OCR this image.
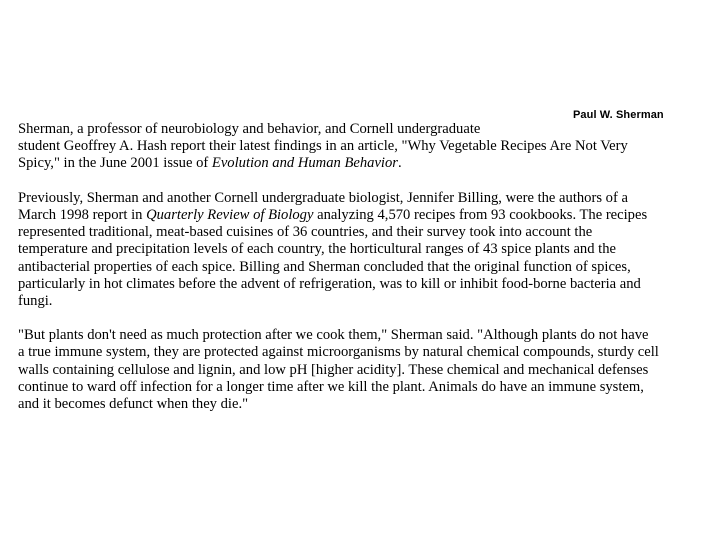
Paul W. Sherman
Sherman, a professor of neurobiology and behavior, and Cornell undergraduate
student Geoffrey A. Hash report their latest findings in an article, "Why Vegetable Recipes Are Not Very
Spicy," in the June 2001 issue of Evolution and Human Behavior.
Previously, Sherman and another Cornell undergraduate biologist, Jennifer Billing, were the authors of a
March 1998 report in Quarterly Review of Biology analyzing 4,570 recipes from 93 cookbooks. The recipes
represented traditional, meat-based cuisines of 36 countries, and their survey took into account the
temperature and precipitation levels of each country, the horticultural ranges of 43 spice plants and the
antibacterial properties of each spice. Billing and Sherman concluded that the original function of spices,
particularly in hot climates before the advent of refrigeration, was to kill or inhibit food-borne bacteria and
fungi.
"But plants don't need as much protection after we cook them," Sherman said. "Although plants do not have
a true immune system, they are protected against microorganisms by natural chemical compounds, sturdy cell
walls containing cellulose and lignin, and low pH [higher acidity]. These chemical and mechanical defenses
continue to ward off infection for a longer time after we kill the plant. Animals do have an immune system,
and it becomes defunct when they die."
